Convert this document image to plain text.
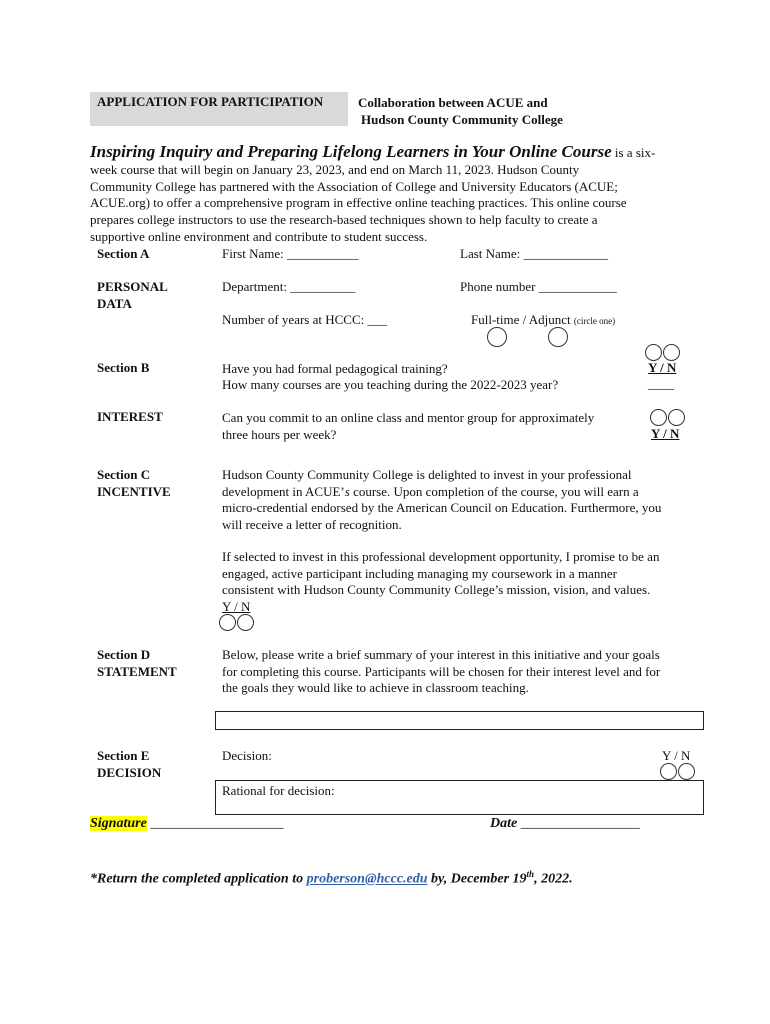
APPLICATION FOR PARTICIPATION	Collaboration between ACUE and
Hudson County Community College
Inspiring Inquiry and Preparing Lifelong Learners in Your Online Course is a six-
week course that will begin on January 23, 2023, and end on March 11, 2023. Hudson County
Community College has partnered with the Association of College and University Educators (ACUE;
ACUE.org) to offer a comprehensive program in effective online teaching practices. This online course
prepares college instructors to use the research-based techniques shown to help faculty to create a
supportive online environment and contribute to student success.
Section A	First Name: ___________	Last Name: _____________
PERSONAL
DATA
Department: __________	Phone number ____________
Number of years at HCCC: ___	Full-time / Adjunct (circle one)
Section B	Have you had formal pedagogical training?	Y / N
How many courses are you teaching during the 2022-2023 year?	____
INTEREST	Can you commit to an online class and mentor group for approximately
three hours per week?	Y / N
Section C
INCENTIVE
Hudson County Community College is delighted to invest in your professional
development in ACUE’s course. Upon completion of the course, you will earn a
micro-credential endorsed by the American Council on Education. Furthermore, you
will receive a letter of recognition.
If selected to invest in this professional development opportunity, I promise to be an
engaged, active participant including managing my coursework in a manner
consistent with Hudson County Community College’s mission, vision, and values.
Y / N
Section D
STATEMENT
Below, please write a brief summary of your interest in this initiative and your goals
for completing this course. Participants will be chosen for their interest level and for
the goals they would like to achieve in classroom teaching.
Section E
DECISION
Decision:	Y / N
Rational for decision:
Signature ___________________	Date _________________
*Return the completed application to proberson@hccc.edu by, December 19th, 2022.
